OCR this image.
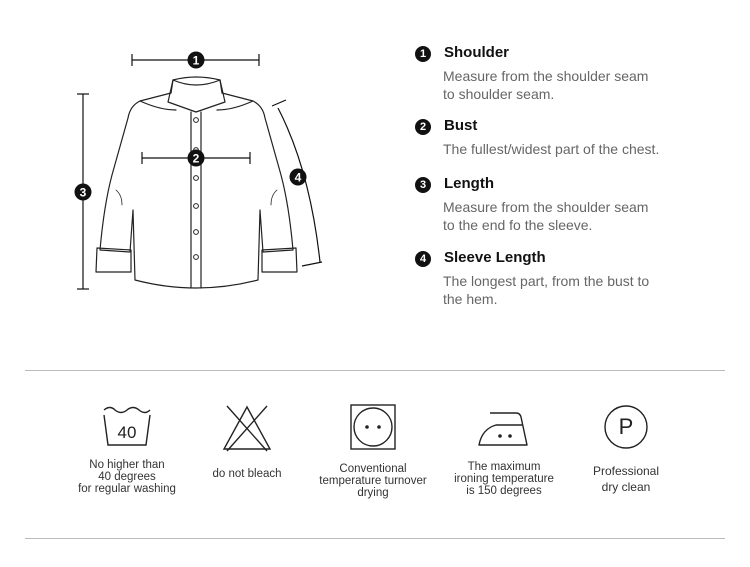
1
2
3
4
1	Shoulder
Measure from the shoulder seam
to shoulder seam.
2	Bust
The fullest/widest part of the chest.
3	Length
Measure from the shoulder seam
to the end fo the sleeve.
4	Sleeve Length
The longest part, from the bust to
the hem.
40
No higher than
40 degrees
for regular washing
do not bleach	Conventional
temperature turnover
drying
The maximum
ironing temperature
is 150 degrees
P
Professional
dry clean
